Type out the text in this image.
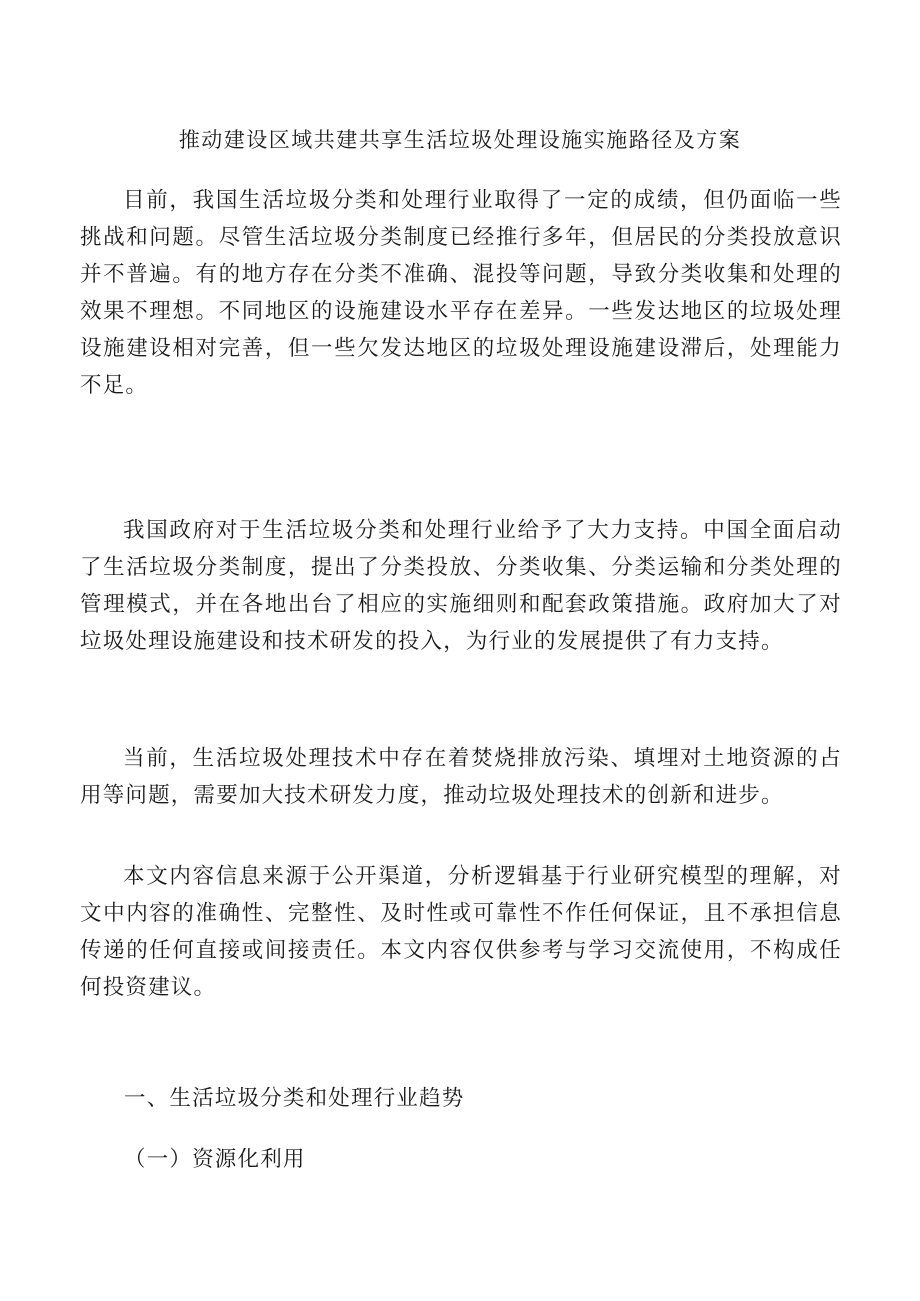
推动建设区域共建共享生活垃圾处理设施实施路径及方案

目前，我国生活垃圾分类和处理行业取得了一定的成绩，但仍面临一些挑战和问题。尽管生活垃圾分类制度已经推行多年，但居民的分类投放意识并不普遍。有的地方存在分类不准确、混投等问题，导致分类收集和处理的效果不理想。不同地区的设施建设水平存在差异。一些发达地区的垃圾处理设施建设相对完善，但一些欠发达地区的垃圾处理设施建设滞后，处理能力不足。

我国政府对于生活垃圾分类和处理行业给予了大力支持。中国全面启动了生活垃圾分类制度，提出了分类投放、分类收集、分类运输和分类处理的管理模式，并在各地出台了相应的实施细则和配套政策措施。政府加大了对垃圾处理设施建设和技术研发的投入，为行业的发展提供了有力支持。

当前，生活垃圾处理技术中存在着焚烧排放污染、填埋对土地资源的占用等问题，需要加大技术研发力度，推动垃圾处理技术的创新和进步。

本文内容信息来源于公开渠道，分析逻辑基于行业研究模型的理解，对文中内容的准确性、完整性、及时性或可靠性不作任何保证，且不承担信息传递的任何直接或间接责任。本文内容仅供参考与学习交流使用，不构成任何投资建议。

一、生活垃圾分类和处理行业趋势
（一）资源化利用
